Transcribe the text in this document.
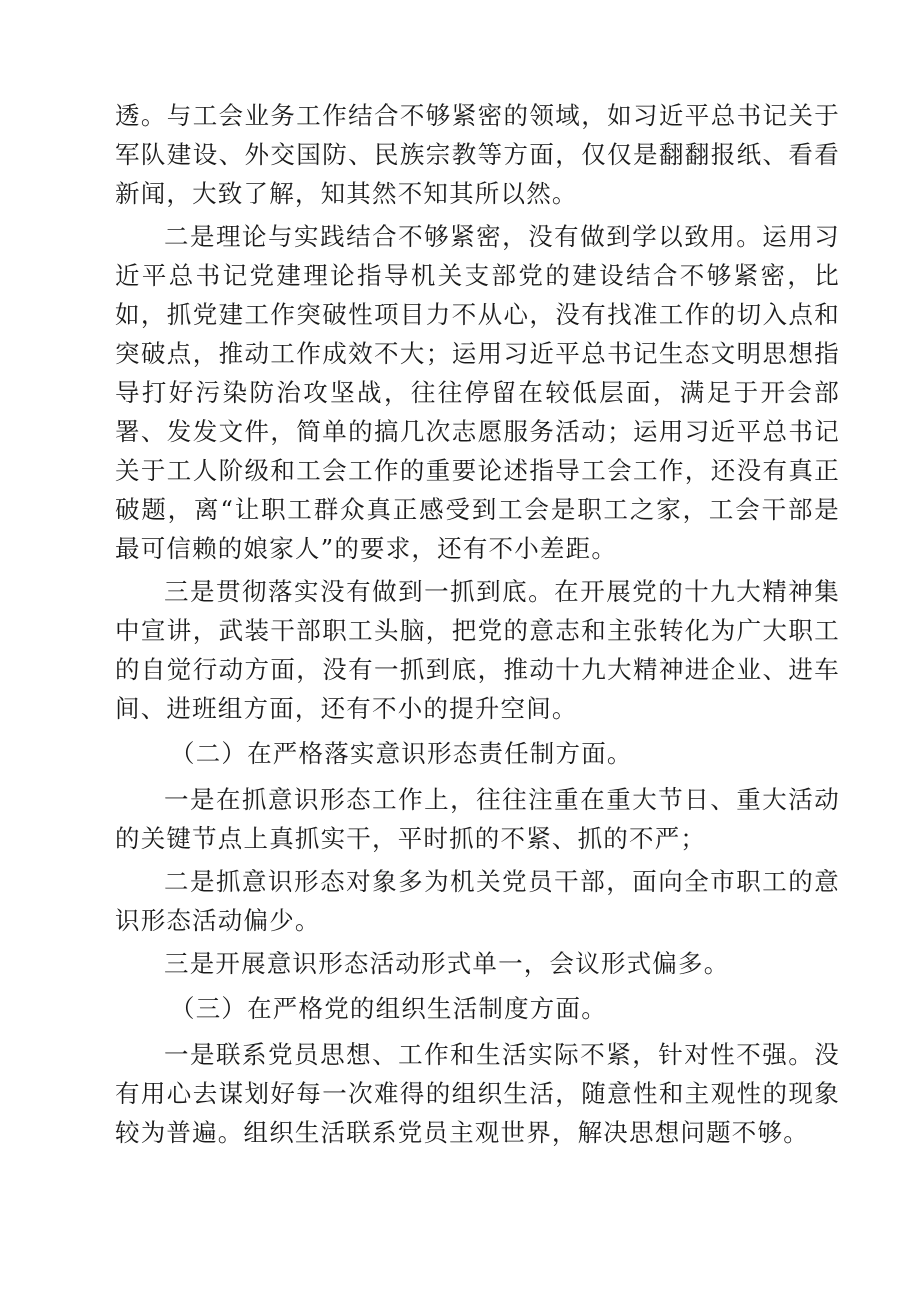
透。与工会业务工作结合不够紧密的领域，如习近平总书记关于军队建设、外交国防、民族宗教等方面，仅仅是翻翻报纸、看看新闻，大致了解，知其然不知其所以然。

二是理论与实践结合不够紧密，没有做到学以致用。运用习近平总书记党建理论指导机关支部党的建设结合不够紧密，比如，抓党建工作突破性项目力不从心，没有找准工作的切入点和突破点，推动工作成效不大；运用习近平总书记生态文明思想指导打好污染防治攻坚战，往往停留在较低层面，满足于开会部署、发发文件，简单的搞几次志愿服务活动；运用习近平总书记关于工人阶级和工会工作的重要论述指导工会工作，还没有真正破题，离“让职工群众真正感受到工会是职工之家，工会干部是最可信赖的娘家人”的要求，还有不小差距。

三是贯彻落实没有做到一抓到底。在开展党的十九大精神集中宣讲，武装干部职工头脑，把党的意志和主张转化为广大职工的自觉行动方面，没有一抓到底，推动十九大精神进企业、进车间、进班组方面，还有不小的提升空间。

（二）在严格落实意识形态责任制方面。

一是在抓意识形态工作上，往往注重在重大节日、重大活动的关键节点上真抓实干，平时抓的不紧、抓的不严；

二是抓意识形态对象多为机关党员干部，面向全市职工的意识形态活动偏少。

三是开展意识形态活动形式单一，会议形式偏多。

（三）在严格党的组织生活制度方面。

一是联系党员思想、工作和生活实际不紧，针对性不强。没有用心去谋划好每一次难得的组织生活，随意性和主观性的现象较为普遍。组织生活联系党员主观世界，解决思想问题不够。
